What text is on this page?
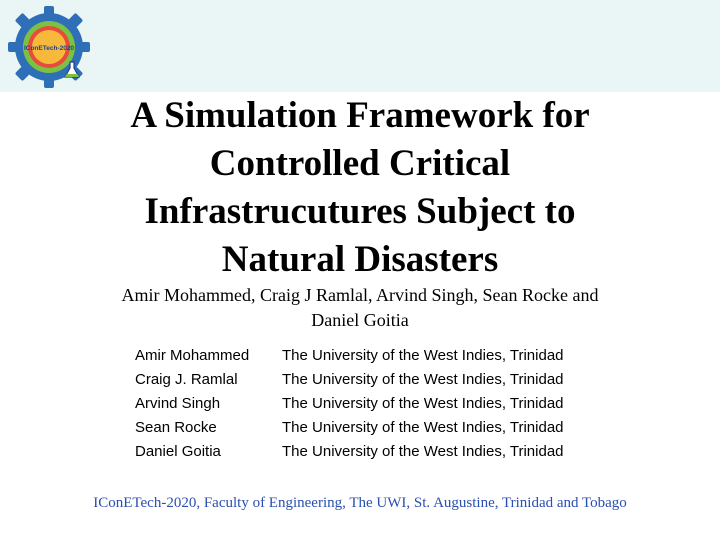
IConETech-2020
A Simulation Framework for
Controlled Critical
Infrastrucutures Subject to
Natural Disasters
Amir Mohammed, Craig J Ramlal, Arvind Singh, Sean Rocke and
Daniel Goitia
Amir Mohammed The University of the West Indies, Trinidad
Craig J. Ramlal	The University of the West Indies, Trinidad
Arvind Singh	The University of the West Indies, Trinidad
Sean Rocke	The University of the West Indies, Trinidad
Daniel Goitia	The University of the West Indies, Trinidad
IConETech-2020, Faculty of Engineering, The UWI, St. Augustine, Trinidad and Tobago
